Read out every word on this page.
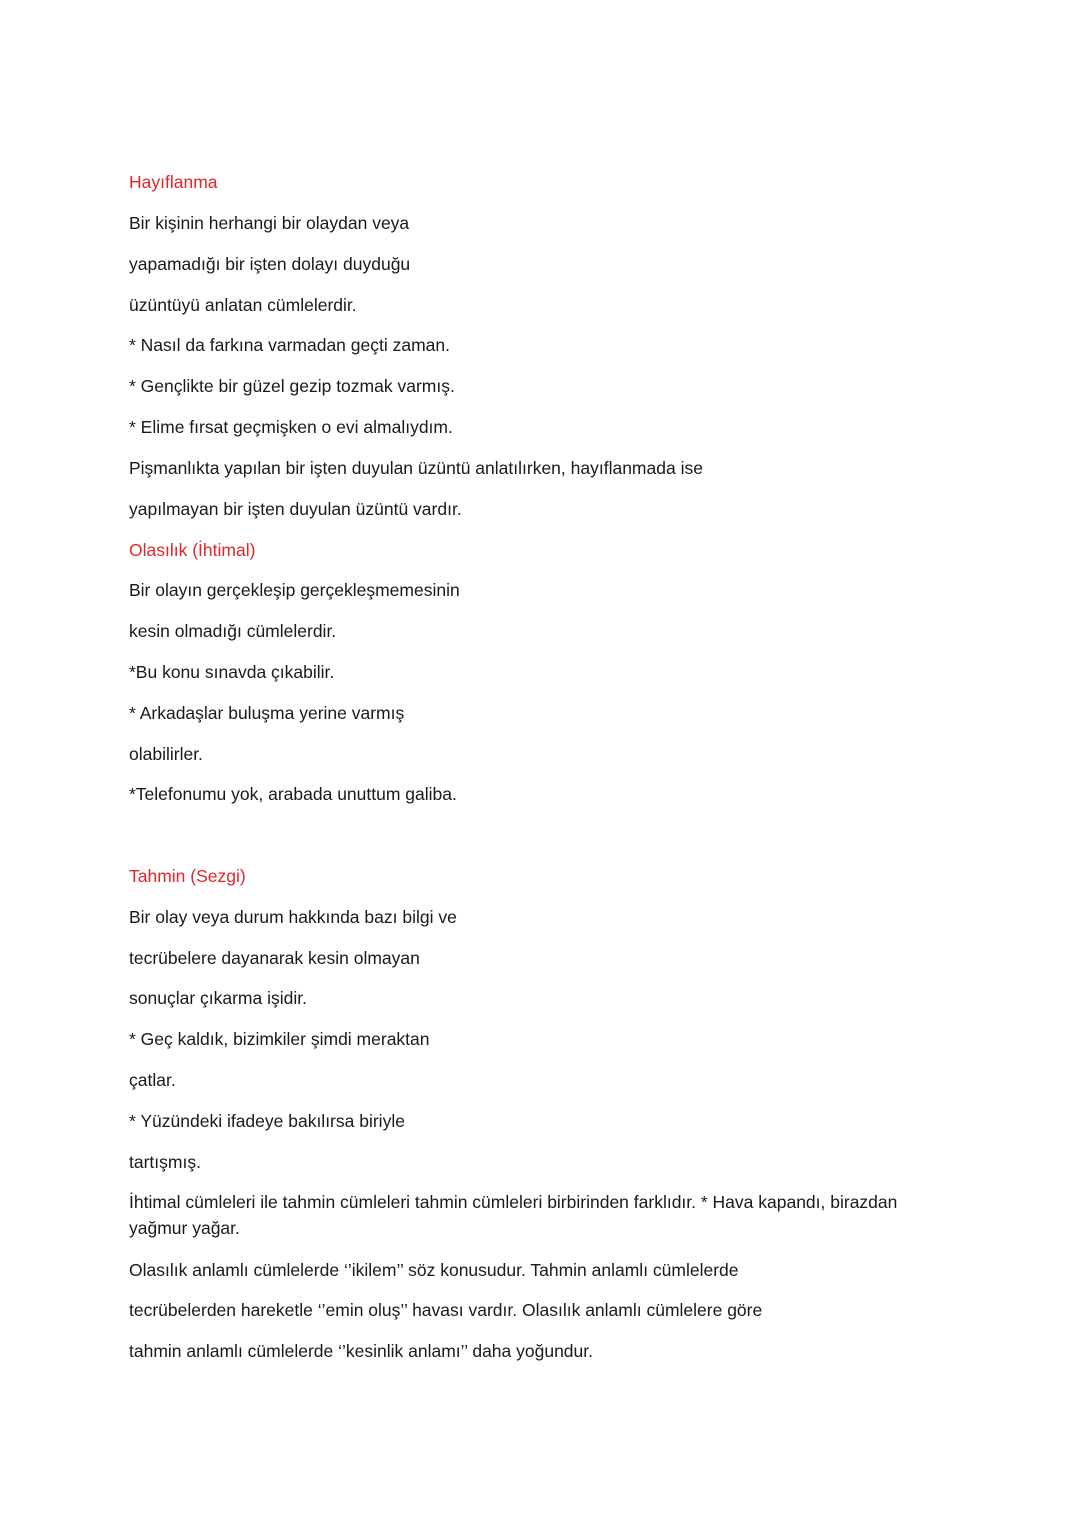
Hayıflanma
Bir kişinin herhangi bir olaydan veya
yapamadığı bir işten dolayı duyduğu
üzüntüyü anlatan cümlelerdir.
* Nasıl da farkına varmadan geçti zaman.
* Gençlikte bir güzel gezip tozmak varmış.
* Elime fırsat geçmişken o evi almalıydım.
Pişmanlıkta yapılan bir işten duyulan üzüntü anlatılırken, hayıflanmada ise
yapılmayan bir işten duyulan üzüntü vardır.
Olasılık (İhtimal)
Bir olayın gerçekleşip gerçekleşmemesinin
kesin olmadığı cümlelerdir.
*Bu konu sınavda çıkabilir.
* Arkadaşlar buluşma yerine varmış
olabilirler.
*Telefonumu yok, arabada unuttum galiba.
Tahmin (Sezgi)
Bir olay veya durum hakkında bazı bilgi ve
tecrübelere dayanarak kesin olmayan
sonuçlar çıkarma işidir.
* Geç kaldık, bizimkiler şimdi meraktan
çatlar.
* Yüzündeki ifadeye bakılırsa biriyle
tartışmış.
İhtimal cümleleri ile tahmin cümleleri tahmin cümleleri birbirinden farklıdır. * Hava kapandı, birazdan yağmur yağar.
Olasılık anlamlı cümlelerde ‘’ikilem’’ söz konusudur. Tahmin anlamlı cümlelerde
tecrübelerden hareketle ‘’emin oluş’’ havası vardır. Olasılık anlamlı cümlelere göre
tahmin anlamlı cümlelerde ‘’kesinlik anlamı’’ daha yoğundur.
